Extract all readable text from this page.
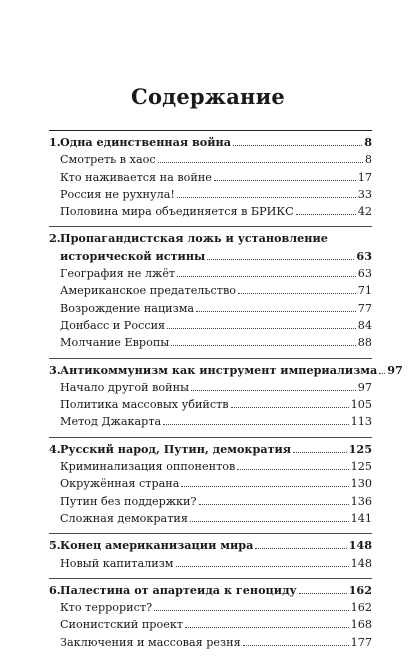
Содержание
1. Одна единственная война	8
Смотреть в хаос	8
Кто наживается на войне	17
Россия не рухнула!	33
Половина мира объединяется в БРИКС	42
2. Пропагандистская ложь и установление
исторической истины	63
География не лжёт	63
Американское предательство	71
Возрождение нацизма	77
Донбасс и Россия	84
Молчание Европы	88
3. Антикоммунизм как инструмент империализма 97
Начало другой войны	97
Политика массовых убийств	105
Метод Джакарта	113
4. Русский народ, Путин, демократия	125
Криминализация оппонентов	125
Окружённая страна	130
Путин без поддержки?	136
Сложная демократия	141
5. Конец американизации мира	148
Новый капитализм	148
6. Палестина от апартеида к геноциду	162
Кто террорист?	162
Сионистский проект	168
Заключения и массовая резня	177
